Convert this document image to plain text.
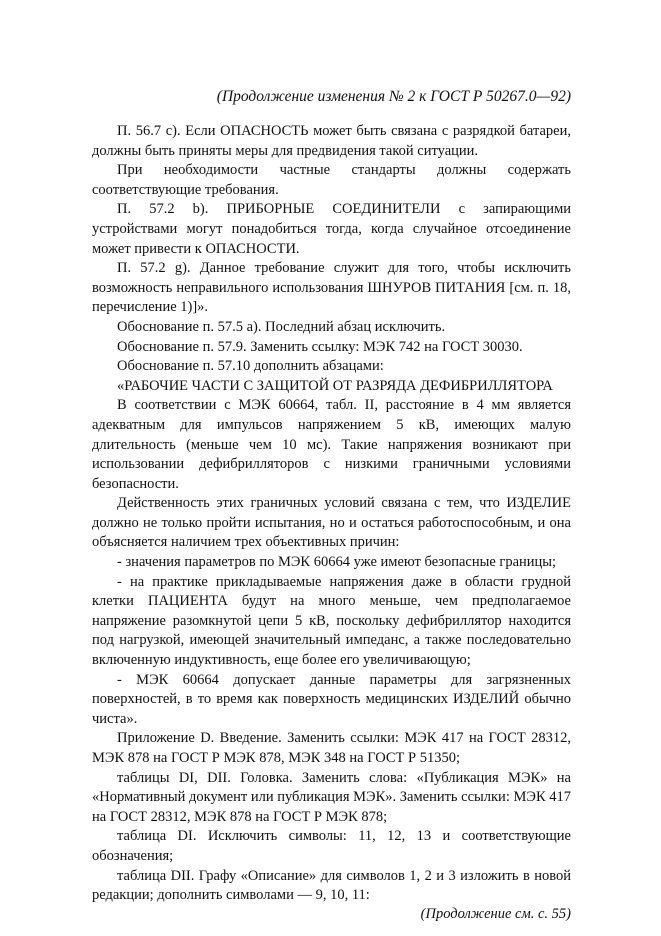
(Продолжение изменения № 2 к ГОСТ Р 50267.0—92)

П. 56.7 с). Если ОПАСНОСТЬ может быть связана с разрядкой батареи, должны быть приняты меры для предвидения такой ситуации.

При необходимости частные стандарты должны содержать соответствующие требования.

П. 57.2 b). ПРИБОРНЫЕ СОЕДИНИТЕЛИ с запирающими устройствами могут понадобиться тогда, когда случайное отсоединение может привести к ОПАСНОСТИ.

П. 57.2 g). Данное требование служит для того, чтобы исключить возможность неправильного использования ШНУРОВ ПИТАНИЯ [см. п. 18, перечисление 1)]».

Обоснование п. 57.5 а). Последний абзац исключить.

Обоснование п. 57.9. Заменить ссылку: МЭК 742 на ГОСТ 30030.

Обоснование п. 57.10 дополнить абзацами:

«РАБОЧИЕ ЧАСТИ С ЗАЩИТОЙ ОТ РАЗРЯДА ДЕФИБРИЛЛЯТОРА

В соответствии с МЭК 60664, табл. II, расстояние в 4 мм является адекватным для импульсов напряжением 5 кВ, имеющих малую длительность (меньше чем 10 мс). Такие напряжения возникают при использовании дефибрилляторов с низкими граничными условиями безопасности.

Действенность этих граничных условий связана с тем, что ИЗДЕЛИЕ должно не только пройти испытания, но и остаться работоспособным, и она объясняется наличием трех объективных причин:

- значения параметров по МЭК 60664 уже имеют безопасные границы;

- на практике прикладываемые напряжения даже в области грудной клетки ПАЦИЕНТА будут на много меньше, чем предполагаемое напряжение разомкнутой цепи 5 кВ, поскольку дефибриллятор находится под нагрузкой, имеющей значительный импеданс, а также последовательно включенную индуктивность, еще более его увеличивающую;

- МЭК 60664 допускает данные параметры для загрязненных поверхностей, в то время как поверхность медицинских ИЗДЕЛИЙ обычно чиста».

Приложение D. Введение. Заменить ссылки: МЭК 417 на ГОСТ 28312, МЭК 878 на ГОСТ Р МЭК 878, МЭК 348 на ГОСТ Р 51350;

таблицы DI, DII. Головка. Заменить слова: «Публикация МЭК» на «Нормативный документ или публикация МЭК». Заменить ссылки: МЭК 417 на ГОСТ 28312, МЭК 878 на ГОСТ Р МЭК 878;

таблица DI. Исключить символы: 11, 12, 13 и соответствующие обозначения;

таблица DII. Графу «Описание» для символов 1, 2 и 3 изложить в новой редакции; дополнить символами — 9, 10, 11:

(Продолжение см. с. 55)
